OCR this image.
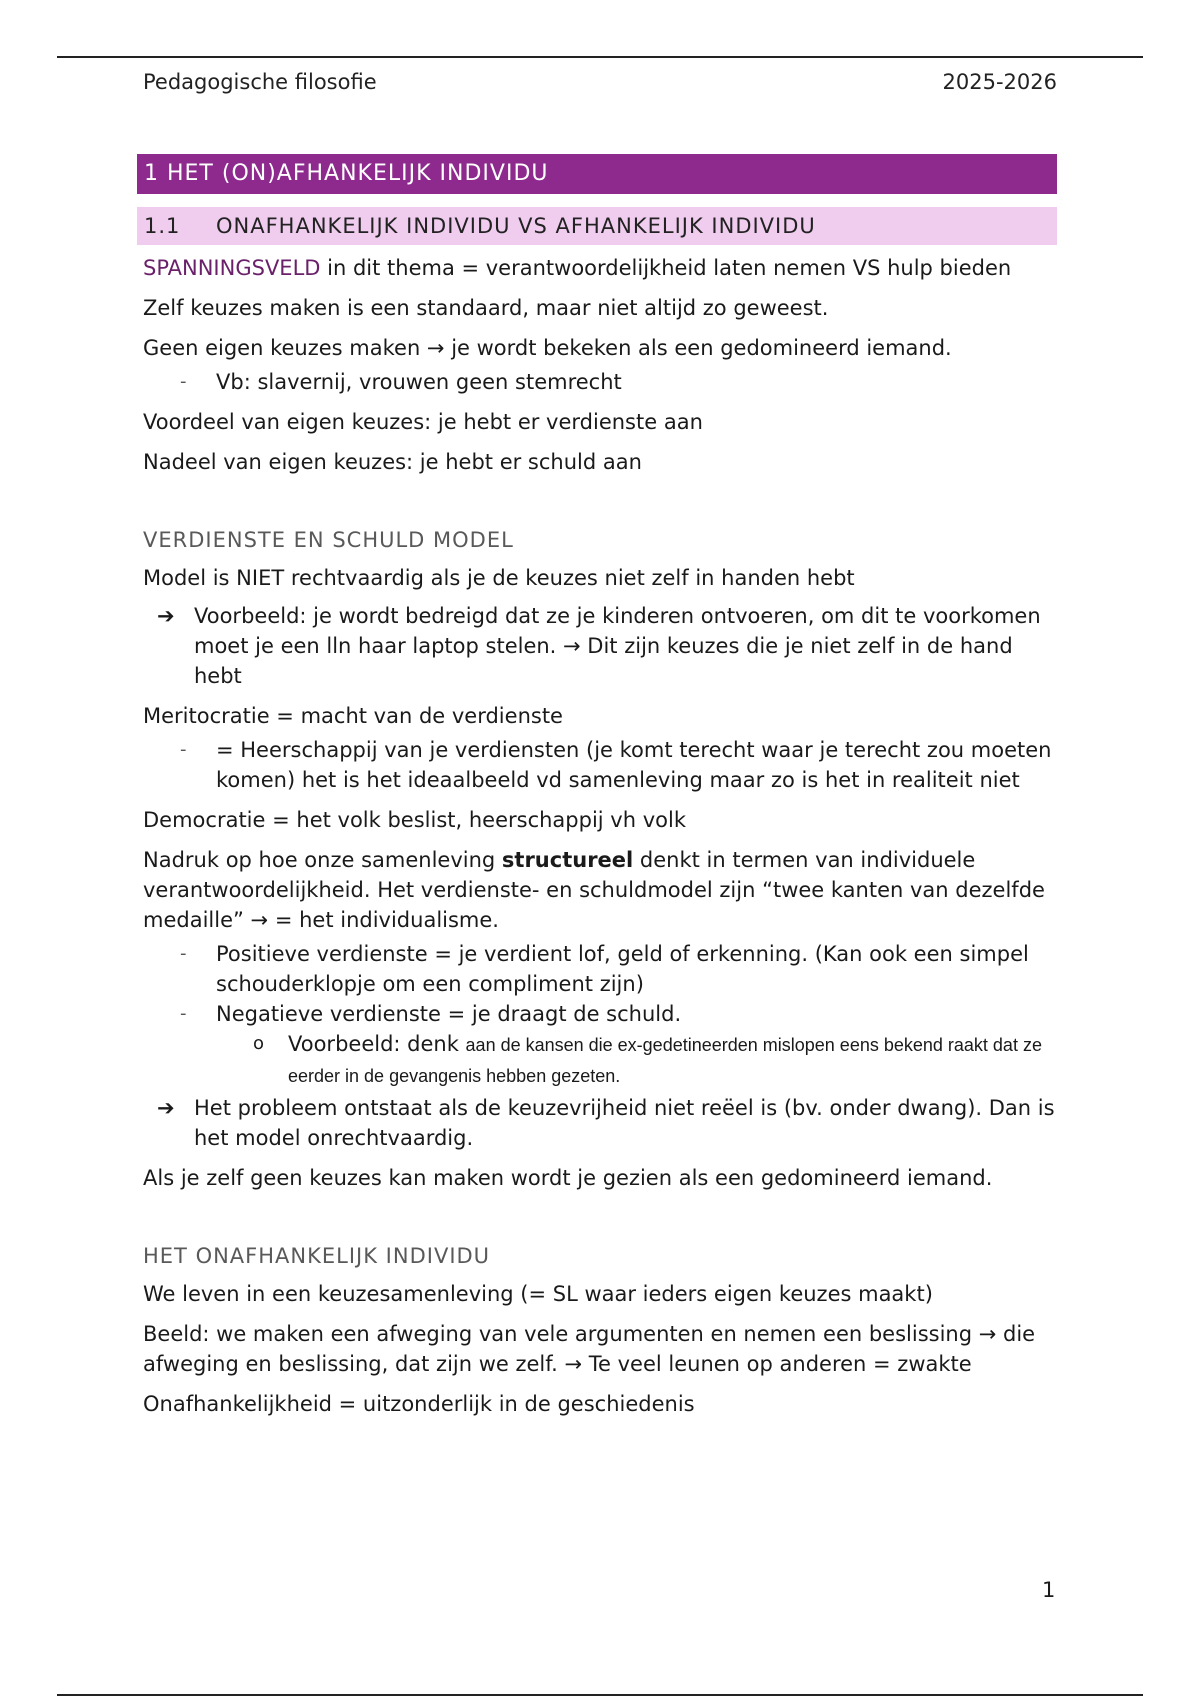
Pedagogische filosofie	2025-2026
1 HET (ON)AFHANKELIJK INDIVIDU
1.1	ONAFHANKELIJK INDIVIDU VS AFHANKELIJK INDIVIDU

SPANNINGSVELD in dit thema = verantwoordelijkheid laten nemen VS hulp bieden

Zelf keuzes maken is een standaard, maar niet altijd zo geweest.

Geen eigen keuzes maken → je wordt bekeken als een gedomineerd iemand.

- Vb: slavernij, vrouwen geen stemrecht

Voordeel van eigen keuzes: je hebt er verdienste aan

Nadeel van eigen keuzes: je hebt er schuld aan

VERDIENSTE EN SCHULD MODEL

Model is NIET rechtvaardig als je de keuzes niet zelf in handen hebt

➔ Voorbeeld: je wordt bedreigd dat ze je kinderen ontvoeren, om dit te voorkomen moet je een lln haar laptop stelen. → Dit zijn keuzes die je niet zelf in de hand hebt

Meritocratie = macht van de verdienste

- = Heerschappij van je verdiensten (je komt terecht waar je terecht zou moeten komen) het is het ideaalbeeld vd samenleving maar zo is het in realiteit niet

Democratie = het volk beslist, heerschappij vh volk

Nadruk op hoe onze samenleving structureel denkt in termen van individuele verantwoordelijkheid. Het verdienste- en schuldmodel zijn “twee kanten van dezelfde medaille” → = het individualisme.

- Positieve verdienste = je verdient lof, geld of erkenning. (Kan ook een simpel schouderklopje om een compliment zijn)
- Negatieve verdienste = je draagt de schuld.
o Voorbeeld: denk aan de kansen die ex-gedetineerden mislopen eens bekend raakt dat ze eerder in de gevangenis hebben gezeten.
➔ Het probleem ontstaat als de keuzevrijheid niet reëel is (bv. onder dwang). Dan is het model onrechtvaardig.

Als je zelf geen keuzes kan maken wordt je gezien als een gedomineerd iemand.

HET ONAFHANKELIJK INDIVIDU

We leven in een keuzesamenleving (= SL waar ieders eigen keuzes maakt)

Beeld: we maken een afweging van vele argumenten en nemen een beslissing → die afweging en beslissing, dat zijn we zelf. → Te veel leunen op anderen = zwakte

Onafhankelijkheid = uitzonderlijk in de geschiedenis

1
